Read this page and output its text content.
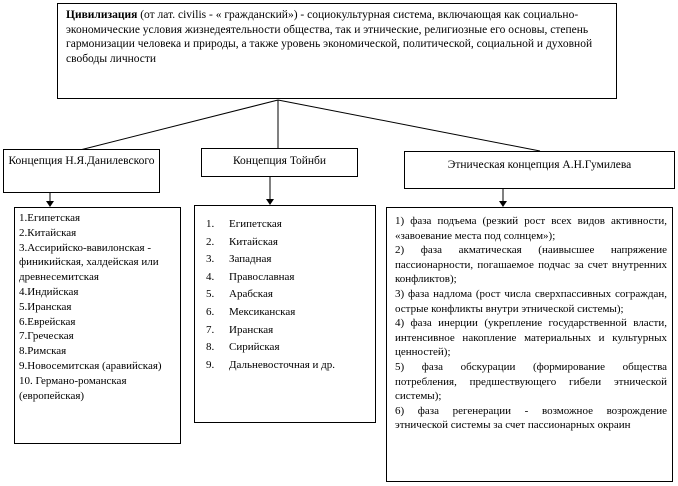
Цивилизация (от лат. civilis - « гражданский») - социокультурная система, включающая как социально-экономические условия жизнедеятельности общества, так и этнические, религиозные его основы, степень гармонизации человека и природы, а также уровень экономической, политической, социальной и духовной свободы личности
Концепция Н.Я.Данилевского	Концепция Тойнби	Этническая концепция А.Н.Гумилева
1.Египетская
2.Китайская
3.Ассирийско-вавилонская - финикийская, халдейская или древнесемитская
4.Индийская
5.Иранская
6.Еврейская
7.Греческая
8.Римская
9.Новосемитская (аравийская)
10. Германо-романская (европейская)
1.	Египетская
2.	Китайская
3.	Западная
4.	Православная
5.	Арабская
6.	Мексиканская
7.	Иранская
8.	Сирийская
9.	Дальневосточная и др.
1) фаза подъема (резкий рост всех видов активности, «завоевание места под солнцем»);
2) фаза акматическая (наивысшее напряжение пассионарности, погашаемое подчас за счет внутренних конфликтов);
3) фаза надлома (рост числа сверхпассивных сограждан, острые конфликты внутри этнической системы);
4) фаза инерции (укрепление государственной власти, интенсивное накопление материальных и культурных ценностей);
5) фаза обскурации (формирование общества потребления, предшествующего гибели этнической системы);
6) фаза регенерации - возможное возрождение этнической системы за счет пассионарных окраин
